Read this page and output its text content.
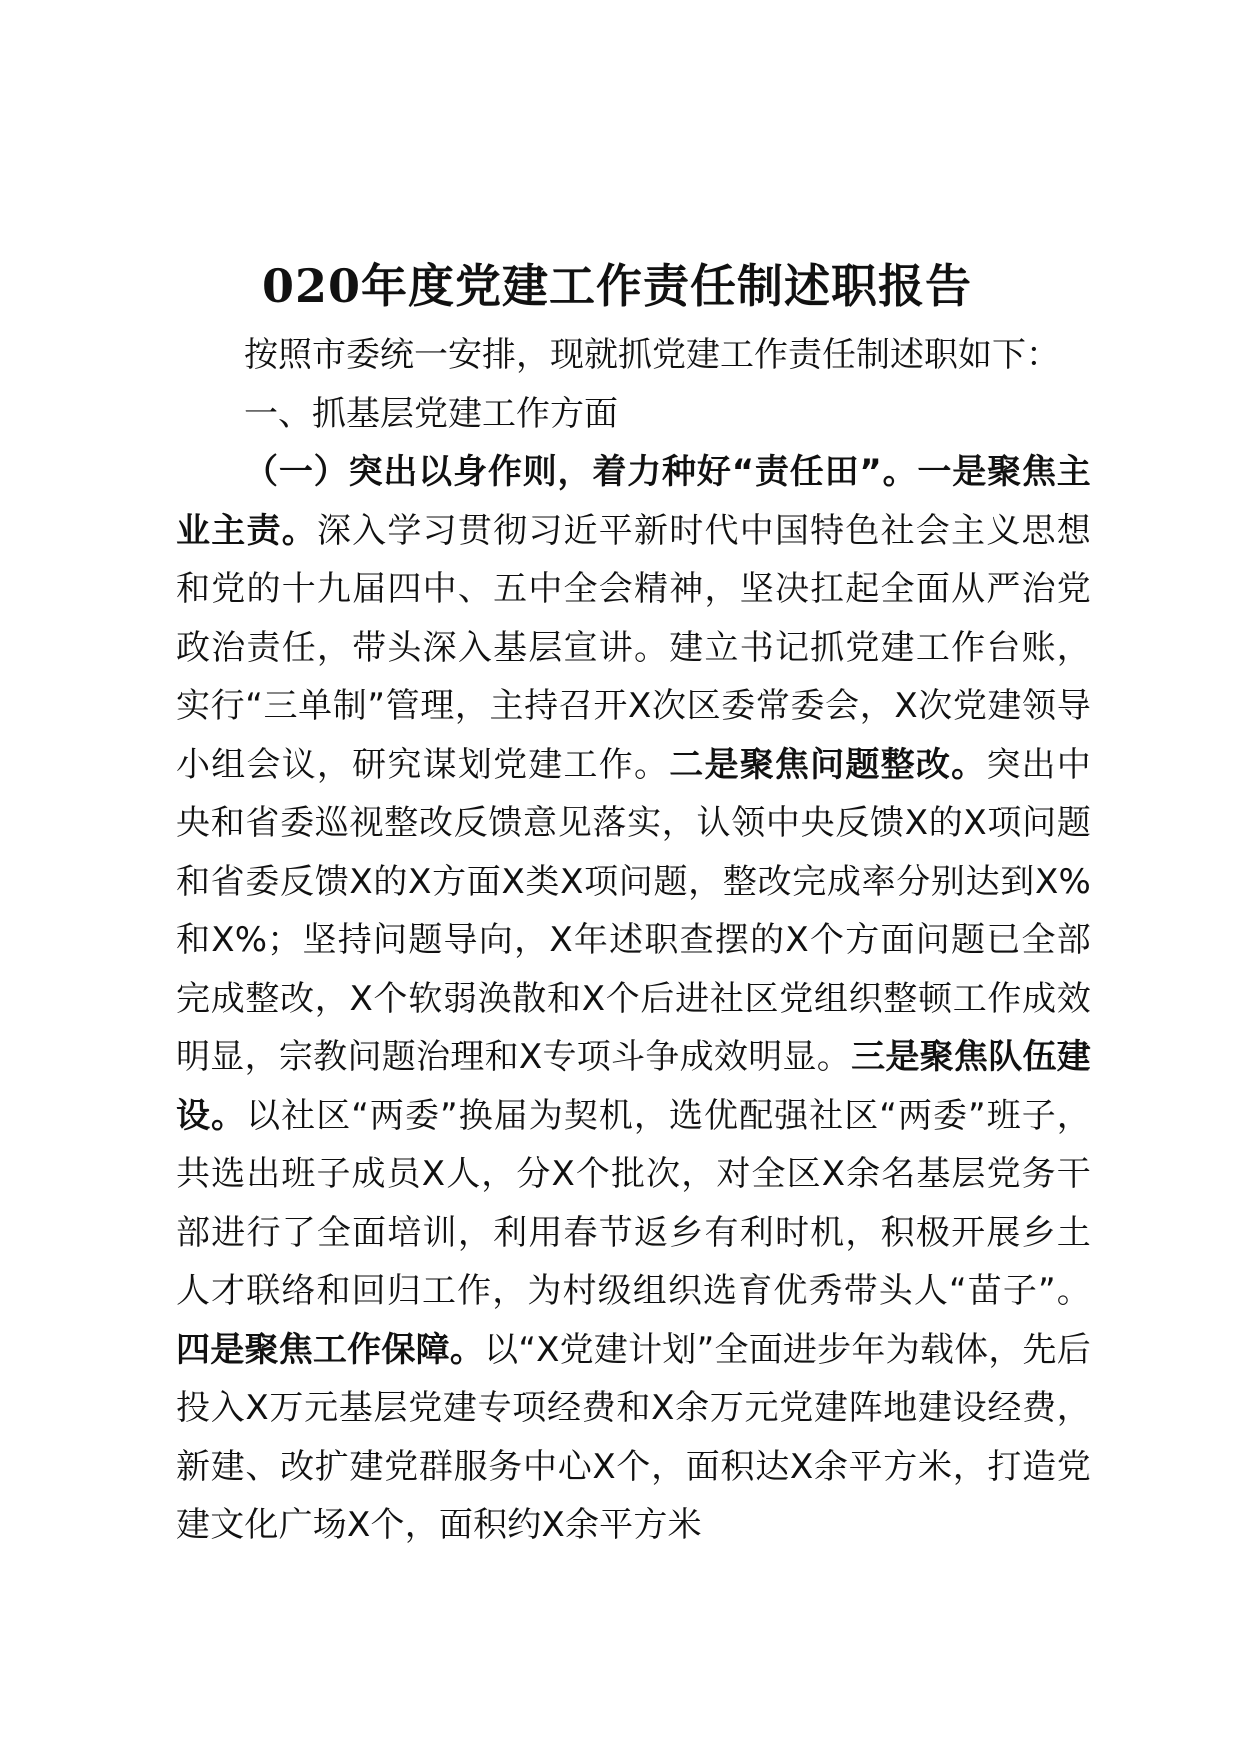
020年度党建工作责任制述职报告

按照市委统一安排，现就抓党建工作责任制述职如下：

一、抓基层党建工作方面

（一）突出以身作则，着力种好“责任田”。一是聚焦主业主责。深入学习贯彻习近平新时代中国特色社会主义思想和党的十九届四中、五中全会精神，坚决扛起全面从严治党政治责任，带头深入基层宣讲。建立书记抓党建工作台账，实行“三单制”管理，主持召开X次区委常委会，X次党建领导小组会议，研究谋划党建工作。二是聚焦问题整改。突出中央和省委巡视整改反馈意见落实，认领中央反馈X的X项问题和省委反馈X的X方面X类X项问题，整改完成率分别达到X%和X%；坚持问题导向，X年述职查摆的X个方面问题已全部完成整改，X个软弱涣散和X个后进社区党组织整顿工作成效明显，宗教问题治理和X专项斗争成效明显。三是聚焦队伍建设。以社区“两委”换届为契机，选优配强社区“两委”班子，共选出班子成员X人，分X个批次，对全区X余名基层党务干部进行了全面培训，利用春节返乡有利时机，积极开展乡土人才联络和回归工作，为村级组织选育优秀带头人“苗子”。四是聚焦工作保障。以“X党建计划”全面进步年为载体，先后投入X万元基层党建专项经费和X余万元党建阵地建设经费，新建、改扩建党群服务中心X个，面积达X余平方米，打造党建文化广场X个，面积约X余平方米
